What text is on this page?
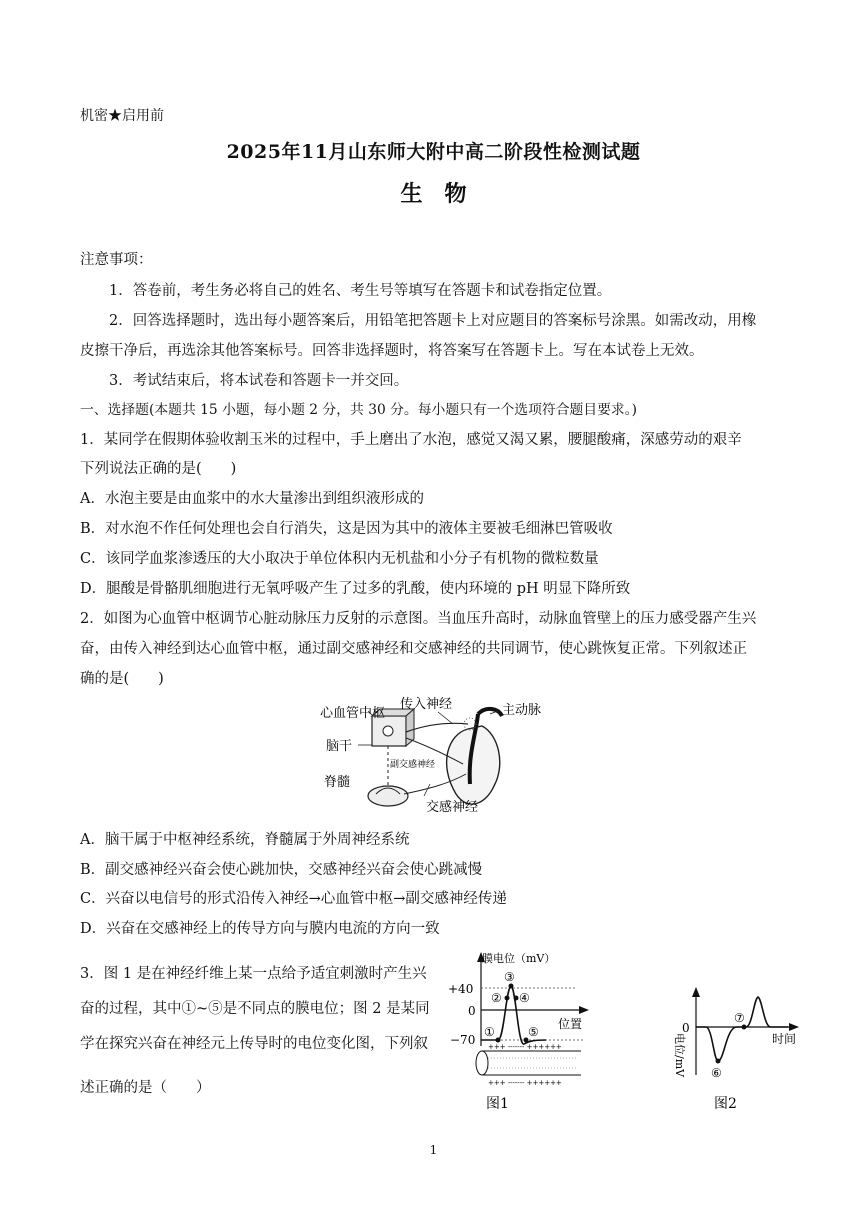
机密★启用前
2025年11月山东师大附中高二阶段性检测试题
生　物
注意事项：
1．答卷前，考生务必将自己的姓名、考生号等填写在答题卡和试卷指定位置。
2．回答选择题时，选出每小题答案后，用铅笔把答题卡上对应题目的答案标号涂黑。如需改动，用橡
皮擦干净后，再选涂其他答案标号。回答非选择题时，将答案写在答题卡上。写在本试卷上无效。
3．考试结束后，将本试卷和答题卡一并交回。
一、选择题(本题共 15 小题，每小题 2 分，共 30 分。每小题只有一个选项符合题目要求。)
1．某同学在假期体验收割玉米的过程中，手上磨出了水泡，感觉又渴又累，腰腿酸痛，深感劳动的艰辛
下列说法正确的是(　　)
A．水泡主要是由血浆中的水大量渗出到组织液形成的
B．对水泡不作任何处理也会自行消失，这是因为其中的液体主要被毛细淋巴管吸收
C．该同学血浆渗透压的大小取决于单位体积内无机盐和小分子有机物的微粒数量
D．腿酸是骨骼肌细胞进行无氧呼吸产生了过多的乳酸，使内环境的 pH 明显下降所致
2．如图为心血管中枢调节心脏动脉压力反射的示意图。当血压升高时，动脉血管壁上的压力感受器产生兴
奋，由传入神经到达心血管中枢，通过副交感神经和交感神经的共同调节，使心跳恢复正常。下列叙述正
确的是(　　)
心血管中枢
传入神经	主动脉
脑干
副交感神经
脊髓
交感神经
A．脑干属于中枢神经系统，脊髓属于外周神经系统
B．副交感神经兴奋会使心跳加快，交感神经兴奋会使心跳减慢
C．兴奋以电信号的形式沿传入神经→心血管中枢→副交感神经传递
D．兴奋在交感神经上的传导方向与膜内电流的方向一致
3．图 1 是在神经纤维上某一点给予适宜刺激时产生兴
奋的过程，其中①~⑤是不同点的膜电位；图 2 是某同
学在探究兴奋在神经元上传导时的电位变化图，下列叙
述正确的是（　　）
+40
0
−70
膜电位（mV）
位置
①
②
③
④
⑤
+++ ------- ++++++
+++ ------- ++++++
图1
0
电位/mV	时间
⑥
⑦
图2
1
